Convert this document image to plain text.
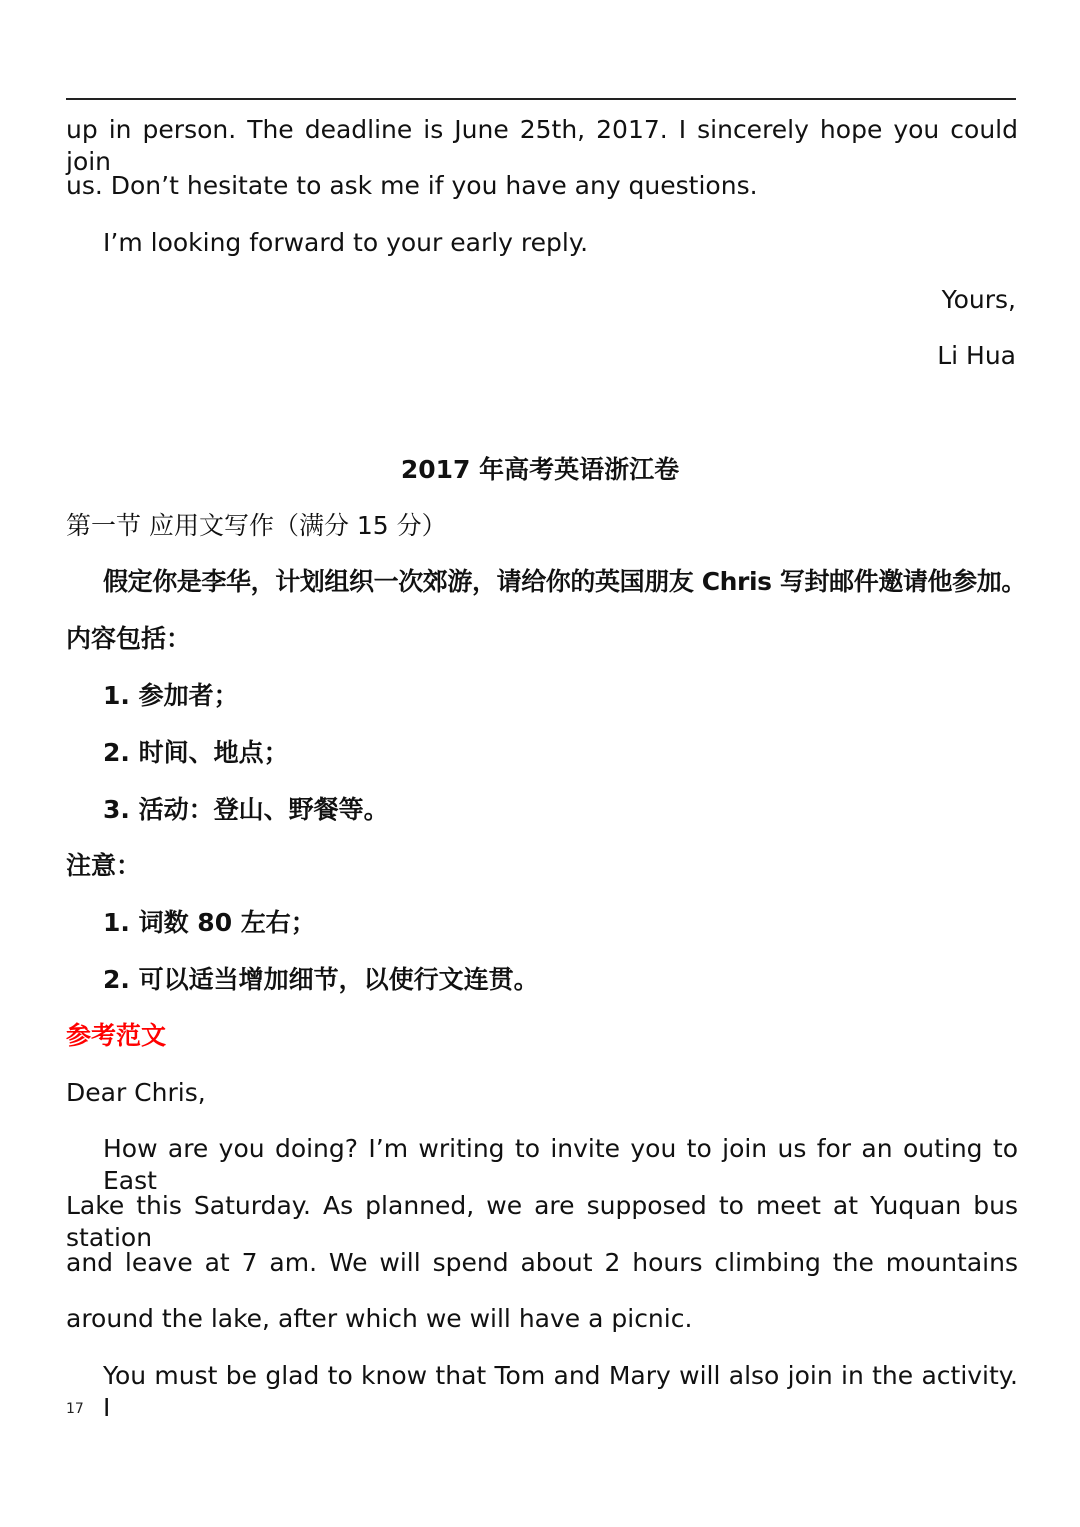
up in person. The deadline is June 25th, 2017. I sincerely hope you could join
us. Don’t hesitate to ask me if you have any questions.
I’m looking forward to your early reply.
Yours,
Li Hua
2017 年高考英语浙江卷
第一节 应用文写作（满分 15 分）
假定你是李华，计划组织一次郊游，请给你的英国朋友 Chris 写封邮件邀请他参加。
内容包括：
1. 参加者；
2. 时间、地点；
3. 活动：登山、野餐等。
注意：
1. 词数 80 左右；
2. 可以适当增加细节，以使行文连贯。
参考范文
Dear Chris,
How are you doing? I’m writing to invite you to join us for an outing to East
Lake this Saturday. As planned, we are supposed to meet at Yuquan bus station
and leave at 7 am. We will spend about 2 hours climbing the mountains
around the lake, after which we will have a picnic.
You must be glad to know that Tom and Mary will also join in the activity. I
17
